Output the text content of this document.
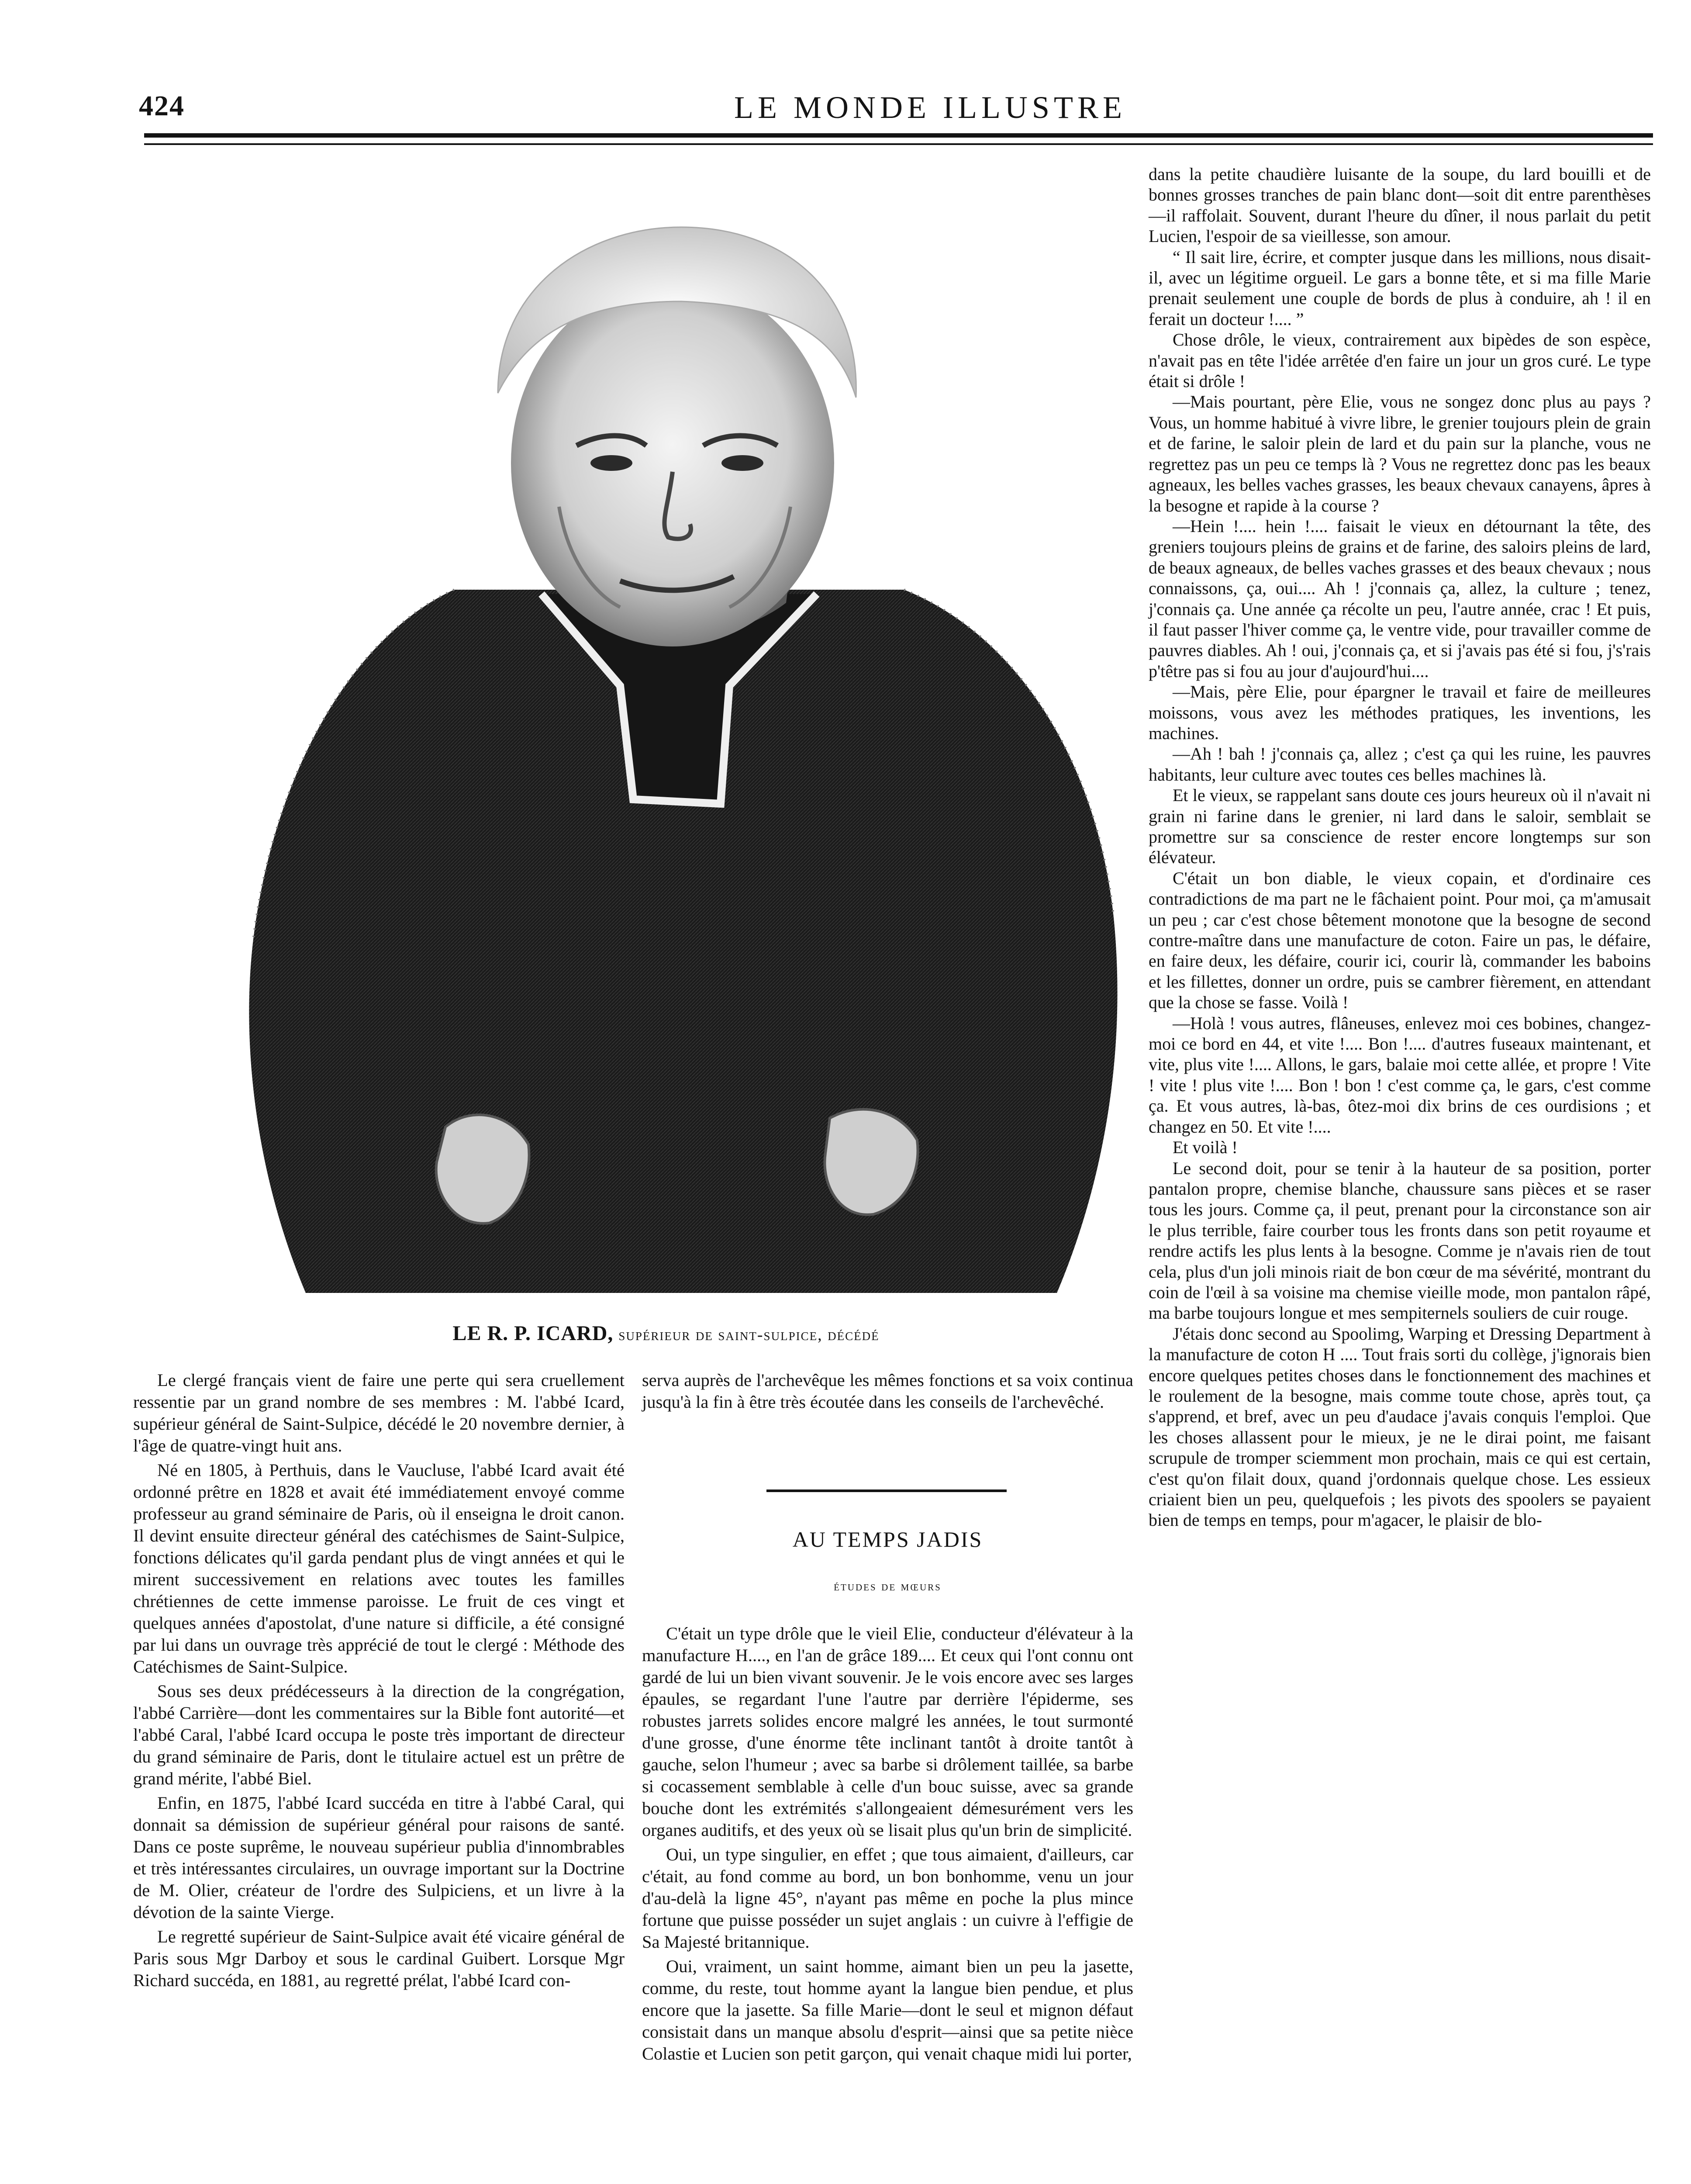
424	LE MONDE ILLUSTRE
LE R. P. ICARD, supérieur de saint-sulpice, décédé

Le clergé français vient de faire une perte qui sera cruellement ressentie par un grand nombre de ses membres : M. l'abbé Icard, supérieur général de Saint-Sulpice, décédé le 20 novembre dernier, à l'âge de quatre-vingt huit ans.

Né en 1805, à Perthuis, dans le Vaucluse, l'abbé Icard avait été ordonné prêtre en 1828 et avait été immédiatement envoyé comme professeur au grand séminaire de Paris, où il enseigna le droit canon. Il devint ensuite directeur général des catéchismes de Saint-Sulpice, fonctions délicates qu'il garda pendant plus de vingt années et qui le mirent successivement en relations avec toutes les familles chrétiennes de cette immense paroisse. Le fruit de ces vingt et quelques années d'apostolat, d'une nature si difficile, a été consigné par lui dans un ouvrage très apprécié de tout le clergé : Méthode des Catéchismes de Saint-Sulpice.

Sous ses deux prédécesseurs à la direction de la congrégation, l'abbé Carrière—dont les commentaires sur la Bible font autorité—et l'abbé Caral, l'abbé Icard occupa le poste très important de directeur du grand séminaire de Paris, dont le titulaire actuel est un prêtre de grand mérite, l'abbé Biel.

Enfin, en 1875, l'abbé Icard succéda en titre à l'abbé Caral, qui donnait sa démission de supérieur général pour raisons de santé. Dans ce poste suprême, le nouveau supérieur publia d'innombrables et très intéressantes circulaires, un ouvrage important sur la Doctrine de M. Olier, créateur de l'ordre des Sulpiciens, et un livre à la dévotion de la sainte Vierge.

Le regretté supérieur de Saint-Sulpice avait été vicaire général de Paris sous Mgr Darboy et sous le cardinal Guibert. Lorsque Mgr Richard succéda, en 1881, au regretté prélat, l'abbé Icard con-

serva auprès de l'archevêque les mêmes fonctions et sa voix continua jusqu'à la fin à être très écoutée dans les conseils de l'archevêché.

AU TEMPS JADIS
études de mœurs

C'était un type drôle que le vieil Elie, conducteur d'élévateur à la manufacture H...., en l'an de grâce 189.... Et ceux qui l'ont connu ont gardé de lui un bien vivant souvenir. Je le vois encore avec ses larges épaules, se regardant l'une l'autre par derrière l'épiderme, ses robustes jarrets solides encore malgré les années, le tout surmonté d'une grosse, d'une énorme tête inclinant tantôt à droite tantôt à gauche, selon l'humeur ; avec sa barbe si drôlement taillée, sa barbe si cocassement semblable à celle d'un bouc suisse, avec sa grande bouche dont les extrémités s'allongeaient démesurément vers les organes auditifs, et des yeux où se lisait plus qu'un brin de simplicité.

Oui, un type singulier, en effet ; que tous aimaient, d'ailleurs, car c'était, au fond comme au bord, un bon bonhomme, venu un jour d'au-delà la ligne 45°, n'ayant pas même en poche la plus mince fortune que puisse posséder un sujet anglais : un cuivre à l'effigie de Sa Majesté britannique.

Oui, vraiment, un saint homme, aimant bien un peu la jasette, comme, du reste, tout homme ayant la langue bien pendue, et plus encore que la jasette. Sa fille Marie—dont le seul et mignon défaut consistait dans un manque absolu d'esprit—ainsi que sa petite nièce Colastie et Lucien son petit garçon, qui venait chaque midi lui porter,

dans la petite chaudière luisante de la soupe, du lard bouilli et de bonnes grosses tranches de pain blanc dont—soit dit entre parenthèses—il raffolait. Souvent, durant l'heure du dîner, il nous parlait du petit Lucien, l'espoir de sa vieillesse, son amour.

“ Il sait lire, écrire, et compter jusque dans les millions, nous disait-il, avec un légitime orgueil. Le gars a bonne tête, et si ma fille Marie prenait seulement une couple de bords de plus à conduire, ah ! il en ferait un docteur !.... ”

Chose drôle, le vieux, contrairement aux bipèdes de son espèce, n'avait pas en tête l'idée arrêtée d'en faire un jour un gros curé. Le type était si drôle !

—Mais pourtant, père Elie, vous ne songez donc plus au pays ? Vous, un homme habitué à vivre libre, le grenier toujours plein de grain et de farine, le saloir plein de lard et du pain sur la planche, vous ne regrettez pas un peu ce temps là ? Vous ne regrettez donc pas les beaux agneaux, les belles vaches grasses, les beaux chevaux canayens, âpres à la besogne et rapide à la course ?

—Hein !.... hein !.... faisait le vieux en détournant la tête, des greniers toujours pleins de grains et de farine, des saloirs pleins de lard, de beaux agneaux, de belles vaches grasses et des beaux chevaux ; nous connaissons, ça, oui.... Ah ! j'connais ça, allez, la culture ; tenez, j'connais ça. Une année ça récolte un peu, l'autre année, crac ! Et puis, il faut passer l'hiver comme ça, le ventre vide, pour travailler comme de pauvres diables. Ah ! oui, j'connais ça, et si j'avais pas été si fou, j's'rais p'têtre pas si fou au jour d'aujourd'hui....

—Mais, père Elie, pour épargner le travail et faire de meilleures moissons, vous avez les méthodes pratiques, les inventions, les machines.

—Ah ! bah ! j'connais ça, allez ; c'est ça qui les ruine, les pauvres habitants, leur culture avec toutes ces belles machines là.

Et le vieux, se rappelant sans doute ces jours heureux où il n'avait ni grain ni farine dans le grenier, ni lard dans le saloir, semblait se promettre sur sa conscience de rester encore longtemps sur son élévateur.

C'était un bon diable, le vieux copain, et d'ordinaire ces contradictions de ma part ne le fâchaient point. Pour moi, ça m'amusait un peu ; car c'est chose bêtement monotone que la besogne de second contre-maître dans une manufacture de coton. Faire un pas, le défaire, en faire deux, les défaire, courir ici, courir là, commander les baboins et les fillettes, donner un ordre, puis se cambrer fièrement, en attendant que la chose se fasse. Voilà !

—Holà ! vous autres, flâneuses, enlevez moi ces bobines, changez-moi ce bord en 44, et vite !.... Bon !.... d'autres fuseaux maintenant, et vite, plus vite !.... Allons, le gars, balaie moi cette allée, et propre ! Vite ! vite ! plus vite !.... Bon ! bon ! c'est comme ça, le gars, c'est comme ça. Et vous autres, là-bas, ôtez-moi dix brins de ces ourdisions ; et changez en 50. Et vite !....

Et voilà !

Le second doit, pour se tenir à la hauteur de sa position, porter pantalon propre, chemise blanche, chaussure sans pièces et se raser tous les jours. Comme ça, il peut, prenant pour la circonstance son air le plus terrible, faire courber tous les fronts dans son petit royaume et rendre actifs les plus lents à la besogne. Comme je n'avais rien de tout cela, plus d'un joli minois riait de bon cœur de ma sévérité, montrant du coin de l'œil à sa voisine ma chemise vieille mode, mon pantalon râpé, ma barbe toujours longue et mes sempiternels souliers de cuir rouge.

J'étais donc second au Spoolimg, Warping et Dressing Department à la manufacture de coton H .... Tout frais sorti du collège, j'ignorais bien encore quelques petites choses dans le fonctionnement des machines et le roulement de la besogne, mais comme toute chose, après tout, ça s'apprend, et bref, avec un peu d'audace j'avais conquis l'emploi. Que les choses allassent pour le mieux, je ne le dirai point, me faisant scrupule de tromper sciemment mon prochain, mais ce qui est certain, c'est qu'on filait doux, quand j'ordonnais quelque chose. Les essieux criaient bien un peu, quelquefois ; les pivots des spoolers se payaient bien de temps en temps, pour m'agacer, le plaisir de blo-
